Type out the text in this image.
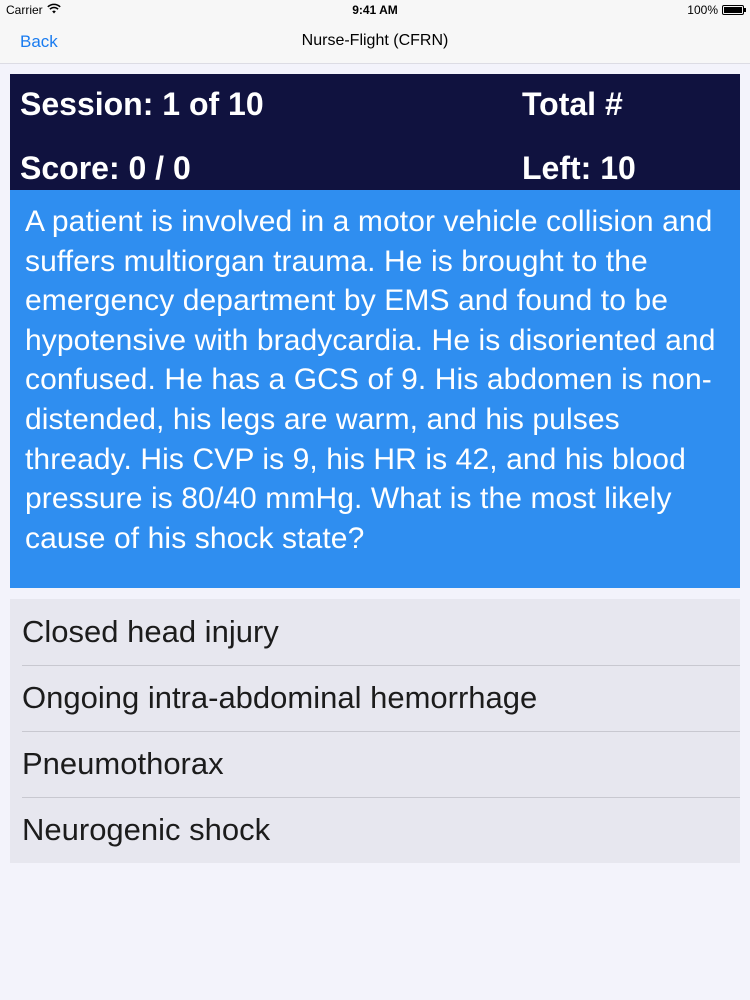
Carrier	9:41 AM	100%
Back	Nurse-Flight (CFRN)
Session: 1 of 10	Total #
Score: 0 / 0	Left: 10
A patient is involved in a motor vehicle collision and suffers multiorgan trauma. He is brought to the emergency department by EMS and found to be hypotensive with bradycardia. He is disoriented and confused. He has a GCS of 9. His abdomen is non-distended, his legs are warm, and his pulses thready. His CVP is 9, his HR is 42, and his blood pressure is 80/40 mmHg. What is the most likely cause of his shock state?
Closed head injury
Ongoing intra-abdominal hemorrhage
Pneumothorax
Neurogenic shock
